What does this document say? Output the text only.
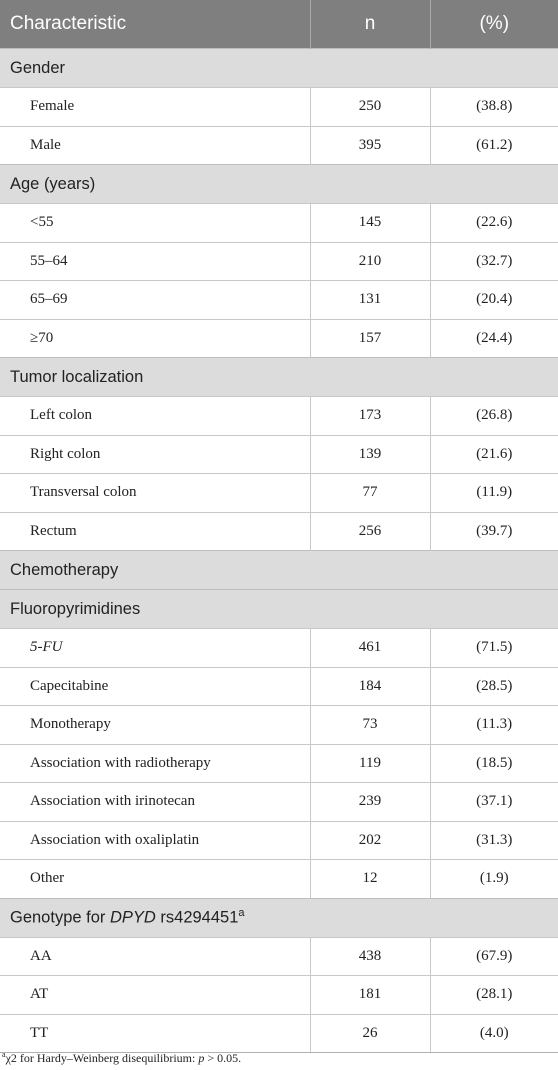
Characteristic	n	(%)
Gender		
Female	250	(38.8)
Male	395	(61.2)
Age (years)		
<55	145	(22.6)
55–64	210	(32.7)
65–69	131	(20.4)
≥70	157	(24.4)
Tumor localization		
Left colon	173	(26.8)
Right colon	139	(21.6)
Transversal colon	77	(11.9)
Rectum	256	(39.7)
Chemotherapy		
Fluoropyrimidines		
5-FU	461	(71.5)
Capecitabine	184	(28.5)
Monotherapy	73	(11.3)
Association with radiotherapy	119	(18.5)
Association with irinotecan	239	(37.1)
Association with oxaliplatin	202	(31.3)
Other	12	(1.9)
Genotype for DPYD rs4294451$^a$
AA	438	(67.9)
AT	181	(28.1)
TT	26	(4.0)
$^a$χ2 for Hardy–Weinberg disequilibrium: p > 0.05.
